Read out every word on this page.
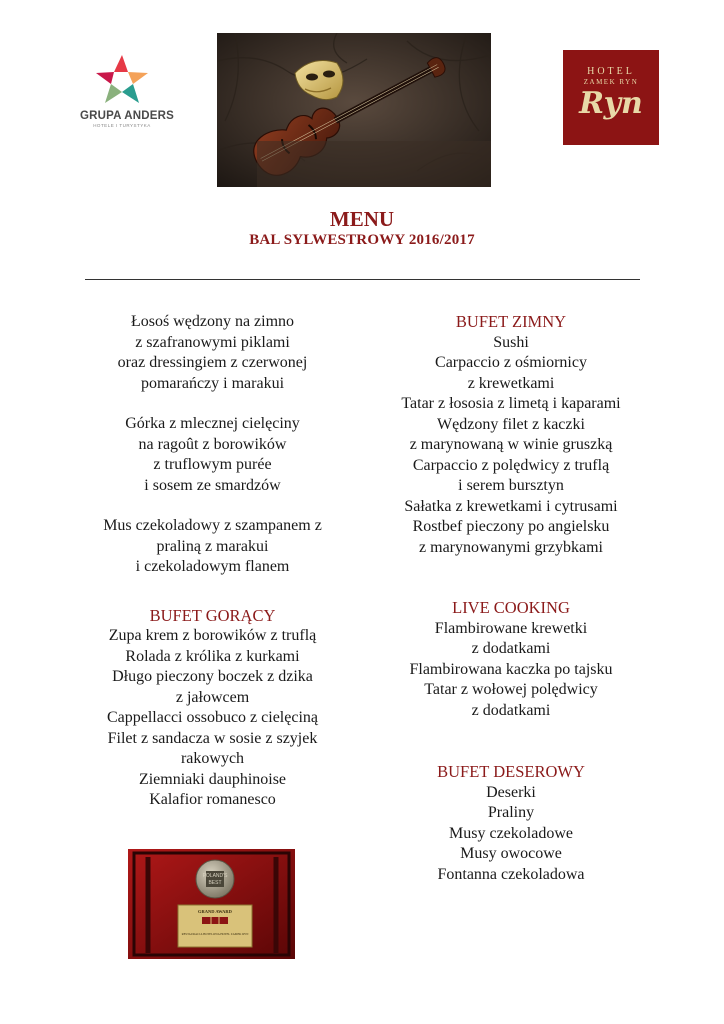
GRUPA ANDERS
HOTELE I TURYSTYKA
HOTEL
ZAMEK RYN
Ryn
MENU
BAL SYLWESTROWY 2016/2017
Łosoś wędzony na zimno
z szafranowymi piklami
oraz dressingiem z czerwonej
pomarańczy i marakui
Górka z mlecznej cielęciny
na ragoût z borowików
z truflowym purée
i sosem ze smardzów
Mus czekoladowy z szampanem z
praliną z marakui
i czekoladowym flanem
BUFET GORĄCY
Zupa krem z borowików z truflą
Rolada z królika z kurkami
Długo pieczony boczek z dzika
z jałowcem
Cappellacci ossobuco z cielęciną
Filet z sandacza w sosie z szyjek
rakowych
Ziemniaki dauphinoise
Kalafior romanesco
BUFET ZIMNY
Sushi
Carpaccio z ośmiornicy
z krewetkami
Tatar z łososia z limetą i kaparami
Wędzony filet z kaczki
z marynowaną w winie gruszką
Carpaccio z polędwicy z truflą
i serem bursztyn
Sałatka z krewetkami i cytrusami
Rostbef pieczony po angielsku
z marynowanymi grzybkami
LIVE COOKING
Flambirowane krewetki
z dodatkami
Flambirowana kaczka po tajsku
Tatar z wołowej polędwicy
z dodatkami
BUFET DESEROWY
Deserki
Praliny
Musy czekoladowe
Musy owocowe
Fontanna czekoladowa
POLAND'S
BEST
GRAND AWARD
RESTAURACJA HOTELOWA HOTEL ZAMEK RYN
